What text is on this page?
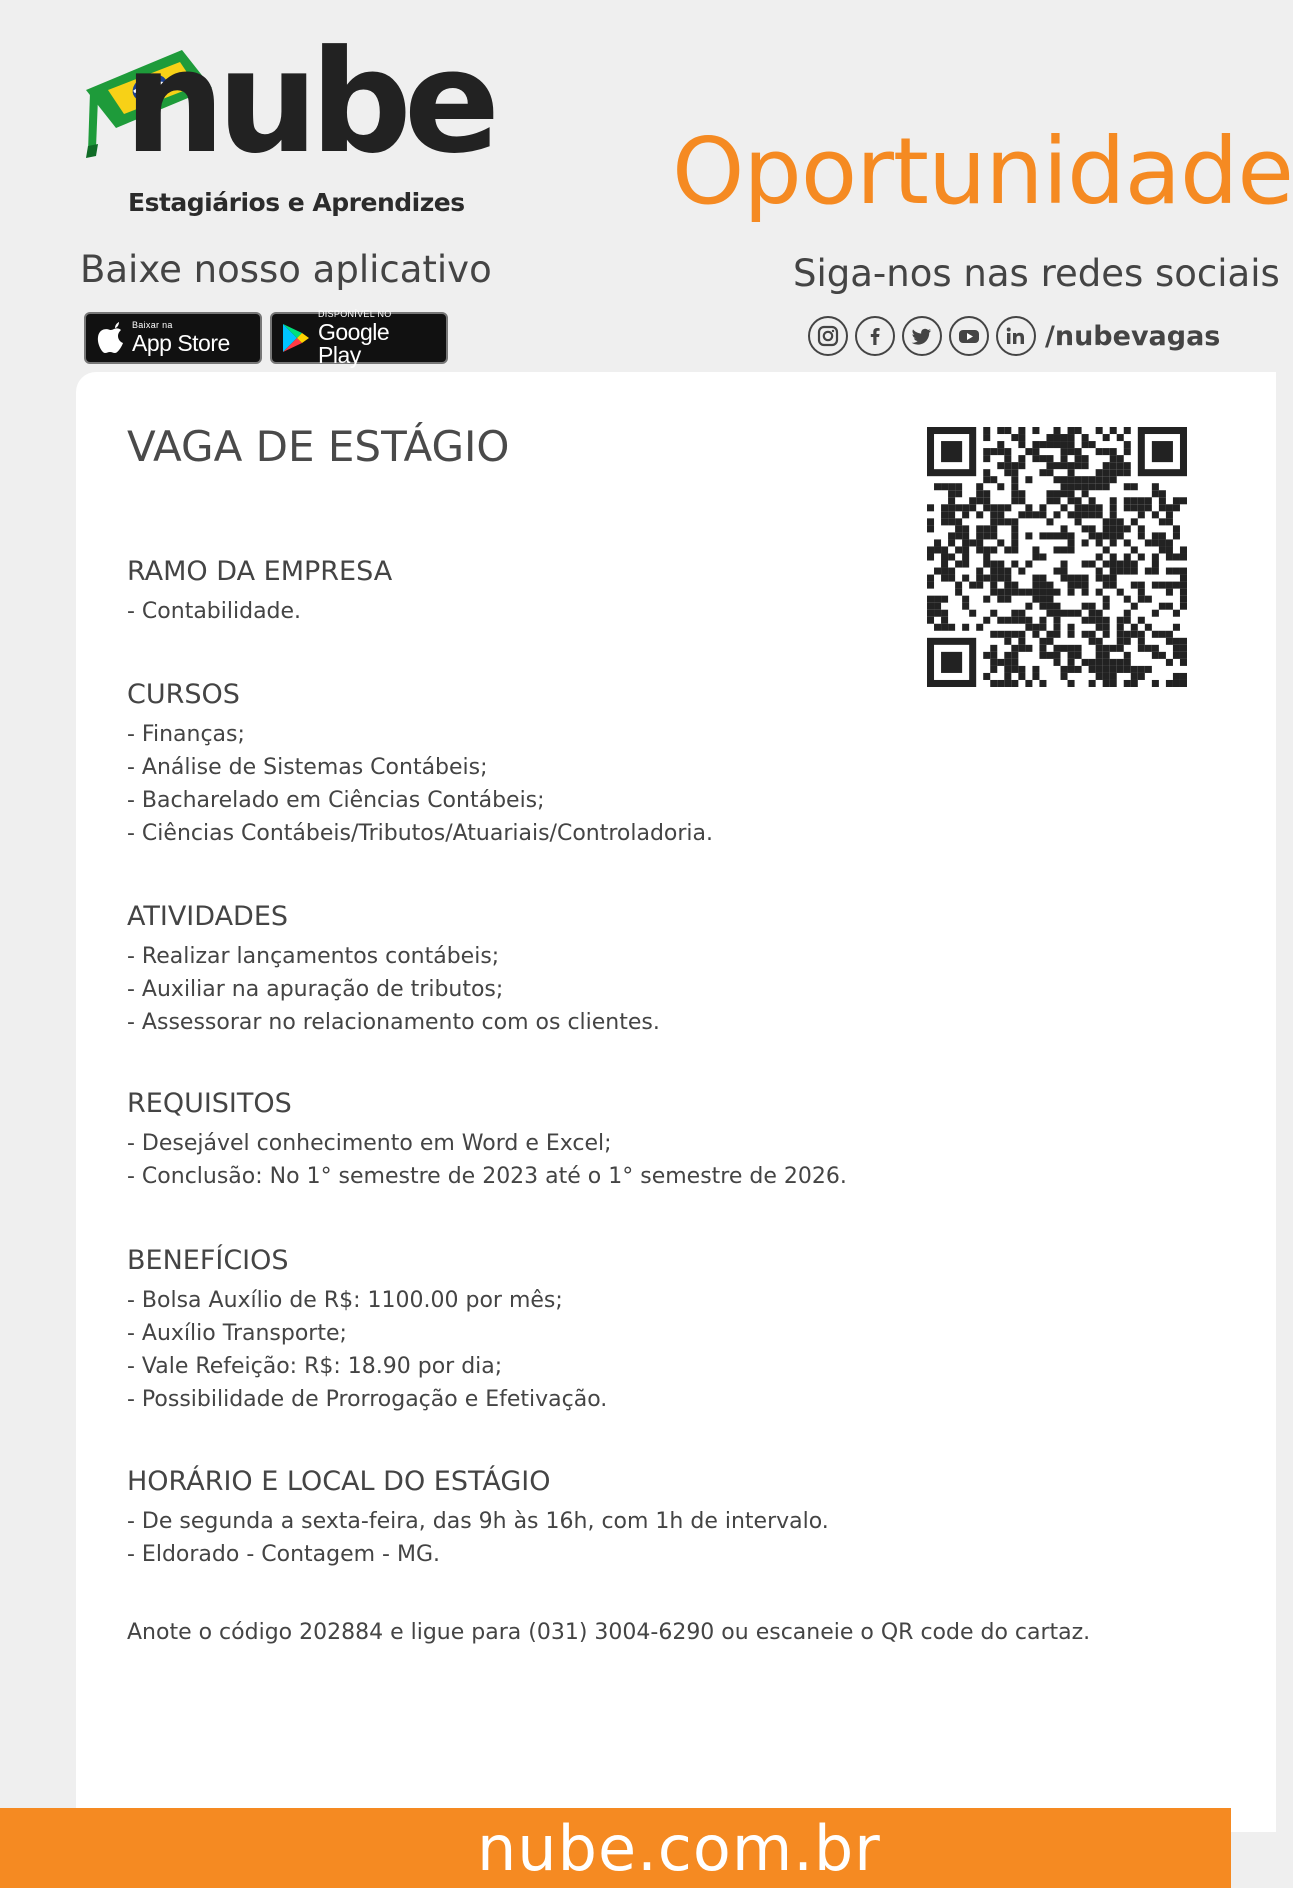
nube
Estagiários e Aprendizes Oportunidade
Baixe nosso aplicativo
Baixar na
App Store
DISPONÍVEL NO
Google Play
Siga-nos nas redes sociais
/nubevagas
VAGA DE ESTÁGIO
RAMO DA EMPRESA
- Contabilidade.
CURSOS
- Finanças;
- Análise de Sistemas Contábeis;
- Bacharelado em Ciências Contábeis;
- Ciências Contábeis/Tributos/Atuariais/Controladoria.
ATIVIDADES
- Realizar lançamentos contábeis;
- Auxiliar na apuração de tributos;
- Assessorar no relacionamento com os clientes.
REQUISITOS
- Desejável conhecimento em Word e Excel;
- Conclusão: No 1° semestre de 2023 até o 1° semestre de 2026.
BENEFÍCIOS
- Bolsa Auxílio de R$: 1100.00 por mês;
- Auxílio Transporte;
- Vale Refeição: R$: 18.90 por dia;
- Possibilidade de Prorrogação e Efetivação.
HORÁRIO E LOCAL DO ESTÁGIO
- De segunda a sexta-feira, das 9h às 16h, com 1h de intervalo.
- Eldorado - Contagem - MG.
Anote o código 202884 e ligue para (031) 3004-6290 ou escaneie o QR code do cartaz.
nube.com.br
